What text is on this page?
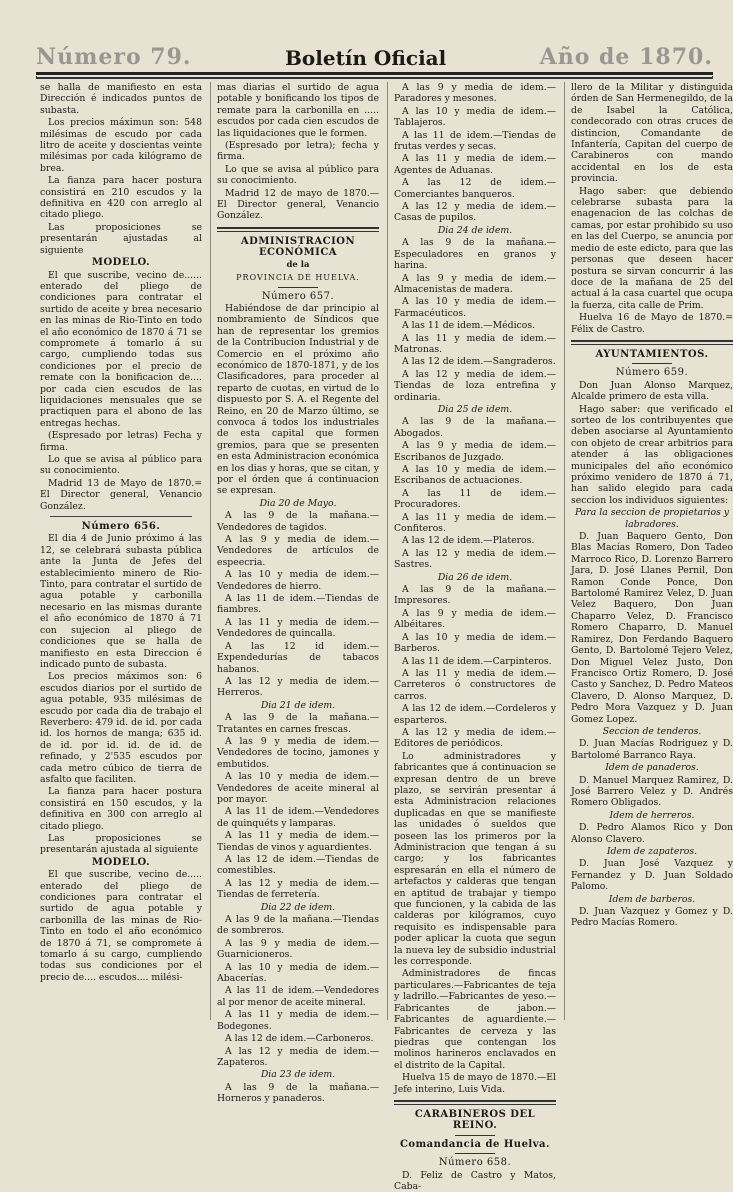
Número 79.	Boletín Oficial	Año de 1870.

se halla de manifiesto en esta Dirección é indicados puntos de subasta.

Los precios máximun son: 548 milésimas de escudo por cada litro de aceite y doscientas veinte milésimas por cada kilógramo de brea.

La fianza para hacer postura consistirá en 210 escudos y la definitiva en 420 con arreglo al citado pliego.

Las proposiciones se presentarán ajustadas al siguiente

MODELO.

El que suscribe, vecino de...... enterado del pliego de condiciones para contratar el surtido de aceite y brea necesario en las minas de Rio-Tinto en todo el año económico de 1870 á 71 se compromete á tomarlo á su cargo, cumpliendo todas sus condiciones por el precio de remate con la bonificacion de.... por cada cien escudos de las liquidaciones mensuales que se practiquen para el abono de las entregas hechas.

(Espresado por letras) Fecha y firma.

Lo que se avisa al público para su conocimiento.

Madrid 13 de Mayo de 1870.= El Director general, Venancio González.

Número 656.

El dia 4 de Junio próximo á las 12, se celebrará subasta pública ante la Junta de Jefes del establecimiento minero de Rio-Tinto, para contratar el surtido de agua potable y carbonilla necesario en las mismas durante el año económico de 1870 á 71 con sujecion al pliego de condiciones que se halla de manifiesto en esta Direccion é indicado punto de subasta.

Los precios máximos son: 6 escudos diarios por el surtido de agua potable, 935 milésimas de escudo por cada dia de trabajo el Reverbero: 479 id. de id. por cada id. los hornos de manga; 635 id. de id. por id. id. de id. de refinado, y 2'535 escudos por cada metro cúbico de tierra de asfalto que faciliten.

La fianza para hacer postura consistirá en 150 escudos, y la definitiva en 300 con arreglo al citado pliego.

Las proposiciones se presentarán ajustada al siguiente

MODELO.

El que suscribe, vecino de..... enterado del pliego de condiciones para contratar el surtido de agua potable y carbonilla de las minas de Rio-Tinto en todo el año económico de 1870 á 71, se compromete á tomarlo á su cargo, cumpliendo todas sus condiciones por el precio de.... escudos.... milési-

mas diarias el surtido de agua potable y bonificando los tipos de remate para la carbonilla en ..... escudos por cada cien escudos de las liquidaciones que le formen.

(Espresado por letra); fecha y firma.

Lo que se avisa al público para su conocimiento.

Madrid 12 de mayo de 1870.— El Director general, Venancio González.

ADMINISTRACION ECONÓMICA

de la

PROVINCIA DE HUELVA.

Número 657.

Habiéndose de dar principio al nombramiento de Síndicos que han de representar los gremios de la Contribucion Industrial y de Comercio en el próximo año económico de 1870-1871, y de los Clasificadores, para proceder al reparto de cuotas, en virtud de lo dispuesto por S. A. el Regente del Reino, en 20 de Marzo último, se convoca á todos los industriales de esta capital que formen gremios, para que se presenten en esta Administracion económica en los dias y horas, que se citan, y por el órden que á continuacion se expresan.

Dia 20 de Mayo.

A las 9 de la mañana.—Vendedores de tagidos.

A las 9 y media de idem.—Vendedores de artículos de espeecria.

A las 10 y media de idem.—Vendedores de hierro.

A las 11 de idem.—Tiendas de fiambres.

A las 11 y media de idem.—Vendedores de quincalla.

A las 12 id idem.—Expendedurías de tabacos habanos.

A las 12 y media de idem.—Herreros.

Dia 21 de idem.

A las 9 de la mañana.—Tratantes en carnes frescas.

A las 9 y media de idem.—Vendedores de tocino, jamones y embutidos.

A las 10 y media de idem.—Vendedores de aceite mineral al por mayor.

A las 11 de idem.—Vendedores de quinquéts y lamparas.

A las 11 y media de idem.—Tiendas de vinos y aguardientes.

A las 12 de idem.—Tiendas de comestibles.

A las 12 y media de idem.—Tiendas de ferretería.

Dia 22 de idem.

A las 9 de la mañana.—Tiendas de sombreros.

A las 9 y media de idem.—Guarnicioneros.

A las 10 y media de idem.—Abacerías.

A las 11 de idem.—Vendedores al por menor de aceite mineral.

A las 11 y media de idem.—Bodegones.

A las 12 de idem.—Carboneros.

A las 12 y media de idem.—Zapateros.

Dia 23 de idem.

A las 9 de la mañana.—Horneros y panaderos.

A las 9 y media de idem.—Paradores y mesones.

A las 10 y media de idem.—Tablajeros.

A las 11 de idem.—Tiendas de frutas verdes y secas.

A las 11 y media de idem.—Agentes de Aduanas.

A las 12 de idem.—Comerciantes banqueros.

A las 12 y media de idem.—Casas de pupilos.

Dia 24 de idem.

A las 9 de la mañana.—Especuladores en granos y harina.

A las 9 y media de idem.—Almacenistas de madera.

A las 10 y media de idem.—Farmacéuticos.

A las 11 de idem.—Médicos.

A las 11 y media de idem.—Matronas.

A las 12 de idem.—Sangraderos.

A las 12 y media de idem.—Tiendas de loza entrefina y ordinaria.

Dia 25 de idem.

A las 9 de la mañana.—Abogados.

A las 9 y media de idem.—Escribanos de Juzgado.

A las 10 y media de idem.—Escribanos de actuaciones.

A las 11 de idem.—Procuradores.

A las 11 y media de idem.—Confiteros.

A las 12 de idem.—Plateros.

A las 12 y media de idem.—Sastres.

Dia 26 de idem.

A las 9 de la mañana.—Impresores.

A las 9 y media de idem.—Albéitares.

A las 10 y media de idem.—Barberos.

A las 11 de idem.—Carpinteros.

A las 11 y media de idem.—Carreteros ó constructores de carros.

A las 12 de idem.—Cordeleros y esparteros.

A las 12 y media de idem.—Editores de periódicos.

Lo administradores y fabricantes que á continuacion se expresan dentro de un breve plazo, se servirán presentar á esta Administracion relaciones duplicadas en que se manifieste las unidades ó sueldos que poseen las los primeros por la Administracion que tengan á su cargo; y los fabricantes espresarán en ella el número de artefactos y calderas que tengan en aptitud de trabajar y tiempo que funcionen, y la cabida de las calderas por kilógramos, cuyo requisito es indispensable para poder aplicar la cuota que segun la nueva ley de subsidio industrial les corresponde.

Administradores de fincas particulares.—Fabricantes de teja y ladrillo.—Fabricantes de yeso.—Fabricantes de jabon.—Fabricantes de aguardiente.—Fabricantes de cerveza y las piedras que contengan los molinos harineros enclavados en el distrito de la Capital.

Huelva 15 de mayo de 1870.—El Jefe interino, Luis Vida.

CARABINEROS DEL REINO.

Comandancia de Huelva.

Número 658.

D. Feliz de Castro y Matos, Caba-

llero de la Militar y distinguida órden de San Hermenegildo, de la de Isabel la Católica, condecorado con otras cruces de distincion, Comandante de Infantería, Capitan del cuerpo de Carabineros con mando accidental en los de esta provincia.

Hago saber: que debiendo celebrarse subasta para la enagenacion de las colchas de camas, por estar prohibido su uso en las del Cuerpo, se anuncia por medio de este edicto, para que las personas que deseen hacer postura se sirvan concurrir á las doce de la mañana de 25 del actual á la casa cuartel que ocupa la fuerza, cita calle de Prim.

Huelva 16 de Mayo de 1870.= Félix de Castro.

AYUNTAMIENTOS.

Número 659.

Don Juan Alonso Marquez, Alcalde primero de esta villa.

Hago saber: que verificado el sorteo de los contribuyentes que deben asociarse al Ayuntamiento con objeto de crear arbitrios para atender á las obligaciones municipales del año económico próximo venidero de 1870 á 71, han salido elegido para cada seccion los individuos siguientes:

Para la seccion de propietarios y labradores.

D. Juan Baquero Gento, Don Blas Macías Romero, Don Tadeo Marroco Rico, D. Lorenzo Barrero Jara, D. José Llanes Pernil, Don Ramon Conde Ponce, Don Bartolomé Ramirez Velez, D. Juan Velez Baquero, Don Juan Chaparro Velez, D. Francisco Romero Chaparro, D. Manuel Ramirez, Don Ferdando Baquero Gento, D. Bartolomé Tejero Velez, Don Miguel Velez Justo, Don Francisco Ortiz Romero, D. José Casto y Sanchez, D. Pedro Mateos Clavero, D. Alonso Marquez, D. Pedro Mora Vazquez y D. Juan Gomez Lopez.

Seccion de tenderos.

D. Juan Macías Rodriguez y D. Bartolomé Barranco Raya.

Idem de panaderos.

D. Manuel Marquez Ramirez, D. José Barrero Velez y D. Andrés Romero Obligados.

Idem de herreros.

D. Pedro Alamos Rico y Don Alonso Clavero.

Idem de zapateros.

D. Juan José Vazquez y Fernandez y D. Juan Soldado Palomo.

Idem de barberos.

D. Juan Vazquez y Gomez y D. Pedro Macías Romero.
